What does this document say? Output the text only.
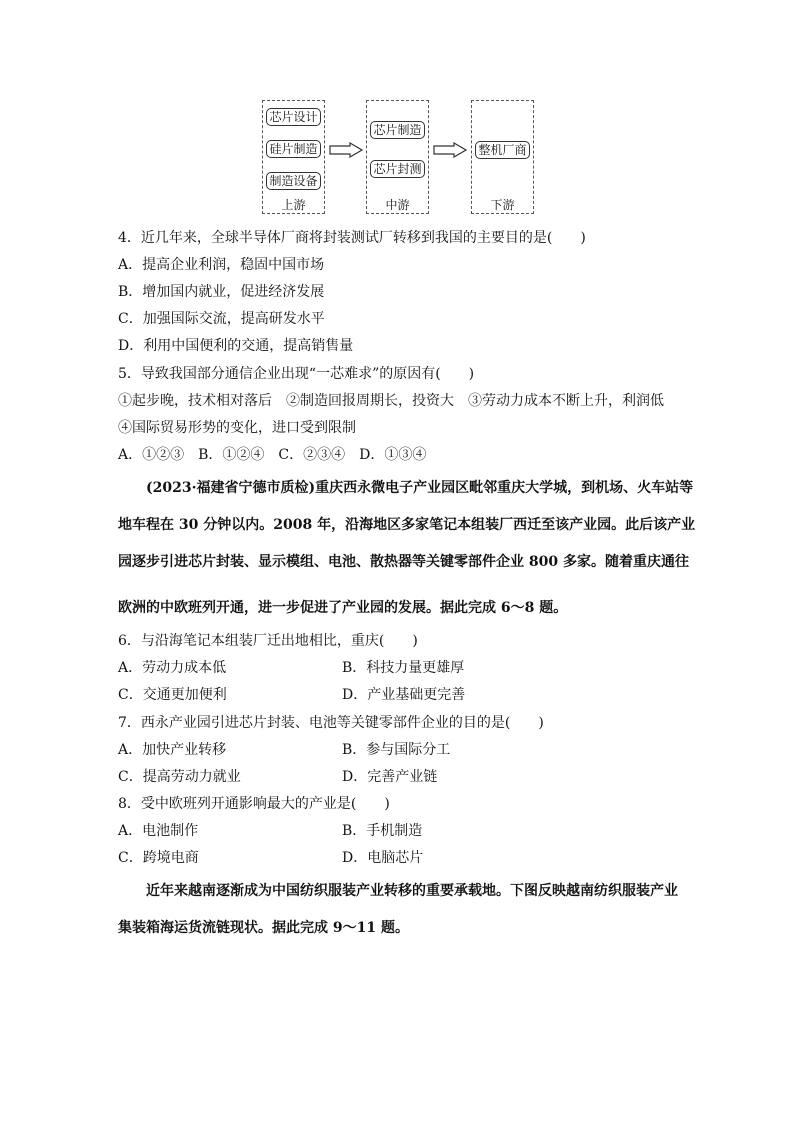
芯片设计
硅片制造
制造设备
上游
芯片制造
芯片封测
中游
整机厂商
下游
4．近几年来，全球半导体厂商将封装测试厂转移到我国的主要目的是(　　)
A．提高企业利润，稳固中国市场
B．增加国内就业，促进经济发展
C．加强国际交流，提高研发水平
D．利用中国便利的交通，提高销售量
5．导致我国部分通信企业出现“一芯难求”的原因有(　　)
①起步晚，技术相对落后　②制造回报周期长，投资大　③劳动力成本不断上升，利润低
④国际贸易形势的变化，进口受到限制
A．①②③　B．①②④　C．②③④　D．①③④
(2023·福建省宁德市质检)重庆西永微电子产业园区毗邻重庆大学城，到机场、火车站等
地车程在 30 分钟以内。2008 年，沿海地区多家笔记本组装厂西迁至该产业园。此后该产业
园逐步引进芯片封装、显示模组、电池、散热器等关键零部件企业 800 多家。随着重庆通往
欧洲的中欧班列开通，进一步促进了产业园的发展。据此完成 6～8 题。
6．与沿海笔记本组装厂迁出地相比，重庆(　　)
A．劳动力成本低	B．科技力量更雄厚
C．交通更加便利	D．产业基础更完善
7．西永产业园引进芯片封装、电池等关键零部件企业的目的是(　　)
A．加快产业转移	B．参与国际分工
C．提高劳动力就业	D．完善产业链
8．受中欧班列开通影响最大的产业是(　　)
A．电池制作	B．手机制造
C．跨境电商	D．电脑芯片
近年来越南逐渐成为中国纺织服装产业转移的重要承载地。下图反映越南纺织服装产业
集装箱海运货流链现状。据此完成 9～11 题。
